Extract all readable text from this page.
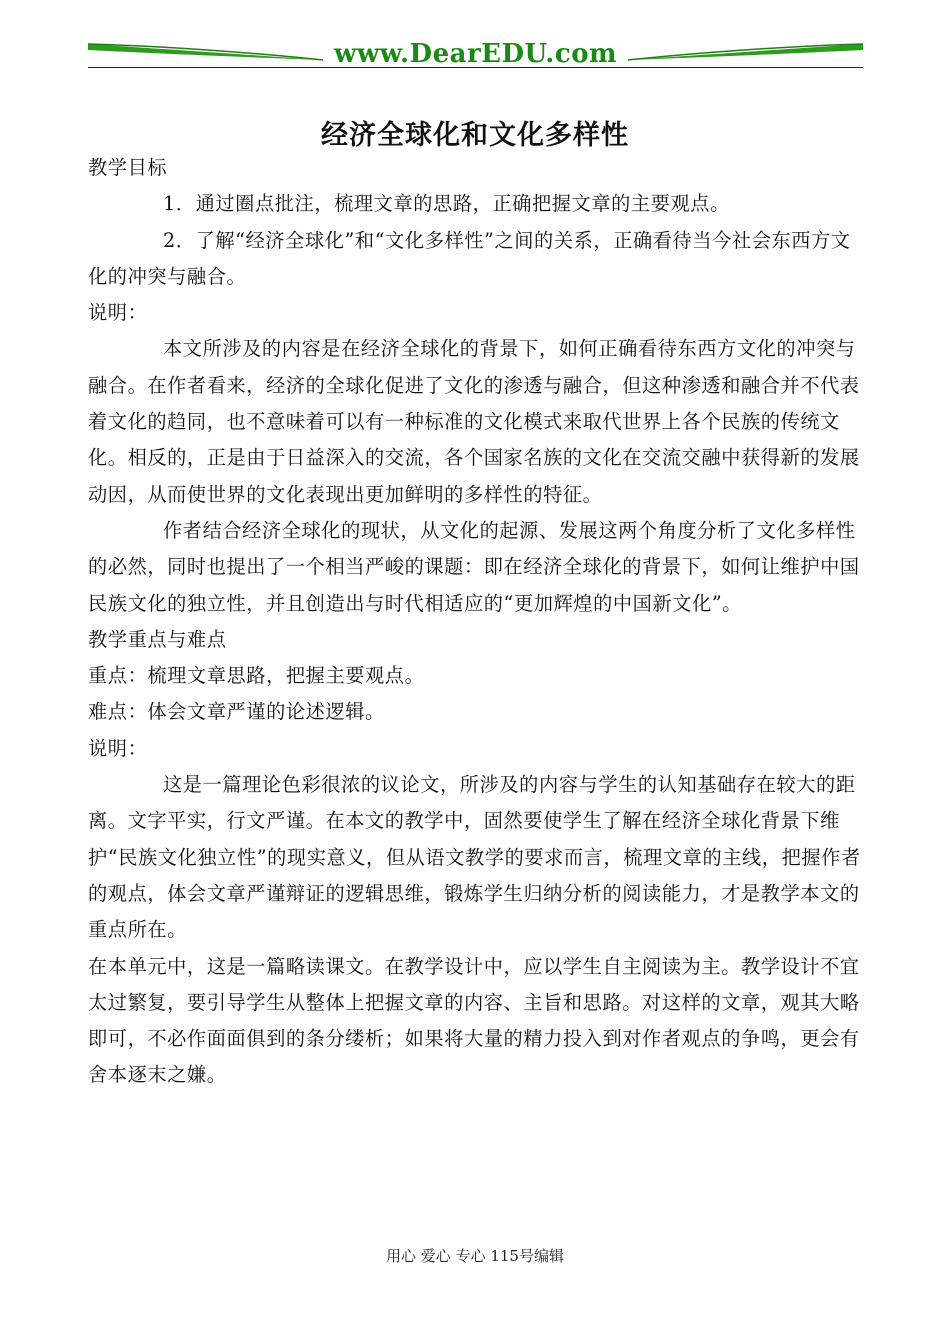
www.DearEDU.com
经济全球化和文化多样性

教学目标

1．通过圈点批注，梳理文章的思路，正确把握文章的主要观点。

2．了解“经济全球化”和“文化多样性”之间的关系，正确看待当今社会东西方文化的冲突与融合。

说明：

本文所涉及的内容是在经济全球化的背景下，如何正确看待东西方文化的冲突与融合。在作者看来，经济的全球化促进了文化的渗透与融合，但这种渗透和融合并不代表着文化的趋同，也不意味着可以有一种标准的文化模式来取代世界上各个民族的传统文化。相反的，正是由于日益深入的交流，各个国家名族的文化在交流交融中获得新的发展动因，从而使世界的文化表现出更加鲜明的多样性的特征。

作者结合经济全球化的现状，从文化的起源、发展这两个角度分析了文化多样性的必然，同时也提出了一个相当严峻的课题：即在经济全球化的背景下，如何让维护中国民族文化的独立性，并且创造出与时代相适应的“更加辉煌的中国新文化”。

教学重点与难点

重点：梳理文章思路，把握主要观点。

难点：体会文章严谨的论述逻辑。

说明：

这是一篇理论色彩很浓的议论文，所涉及的内容与学生的认知基础存在较大的距离。文字平实，行文严谨。在本文的教学中，固然要使学生了解在经济全球化背景下维护“民族文化独立性”的现实意义，但从语文教学的要求而言，梳理文章的主线，把握作者的观点，体会文章严谨辩证的逻辑思维，锻炼学生归纳分析的阅读能力，才是教学本文的重点所在。

在本单元中，这是一篇略读课文。在教学设计中，应以学生自主阅读为主。教学设计不宜太过繁复，要引导学生从整体上把握文章的内容、主旨和思路。对这样的文章，观其大略即可，不必作面面俱到的条分缕析；如果将大量的精力投入到对作者观点的争鸣，更会有舍本逐末之嫌。

用心 爱心 专心 115号编辑
